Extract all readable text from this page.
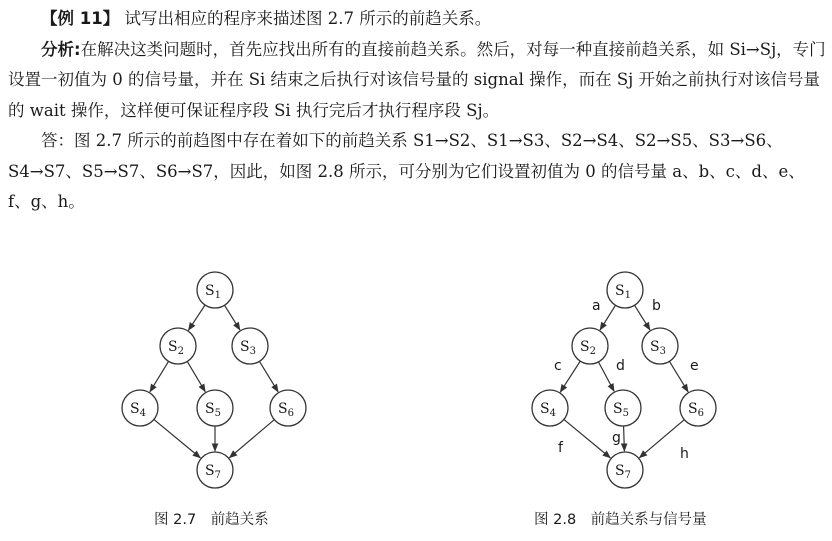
【例 11】 试写出相应的程序来描述图 2.7 所示的前趋关系。

分析:在解决这类问题时，首先应找出所有的直接前趋关系。然后，对每一种直接前趋关系，如 Si→Sj，专门设置一初值为 0 的信号量，并在 Si 结束之后执行对该信号量的 signal 操作，而在 Sj 开始之前执行对该信号量的 wait 操作，这样便可保证程序段 Si 执行完后才执行程序段 Sj。

答：图 2.7 所示的前趋图中存在着如下的前趋关系 S1→S2、S1→S3、S2→S4、S2→S5、S3→S6、S4→S7、S5→S7、S6→S7，因此，如图 2.8 所示，可分别为它们设置初值为 0 的信号量 a、b、c、d、e、f、g、h。

$S_1$
$S_2$	$S_3$
$S_4$	$S_5$	$S_6$
$S_7$
图 2.7　前趋关系
a	b
c	d	e
f
g
h
$S_1$
$S_2$	$S_3$
$S_4$	$S_5$	$S_6$
$S_7$
图 2.8　前趋关系与信号量
